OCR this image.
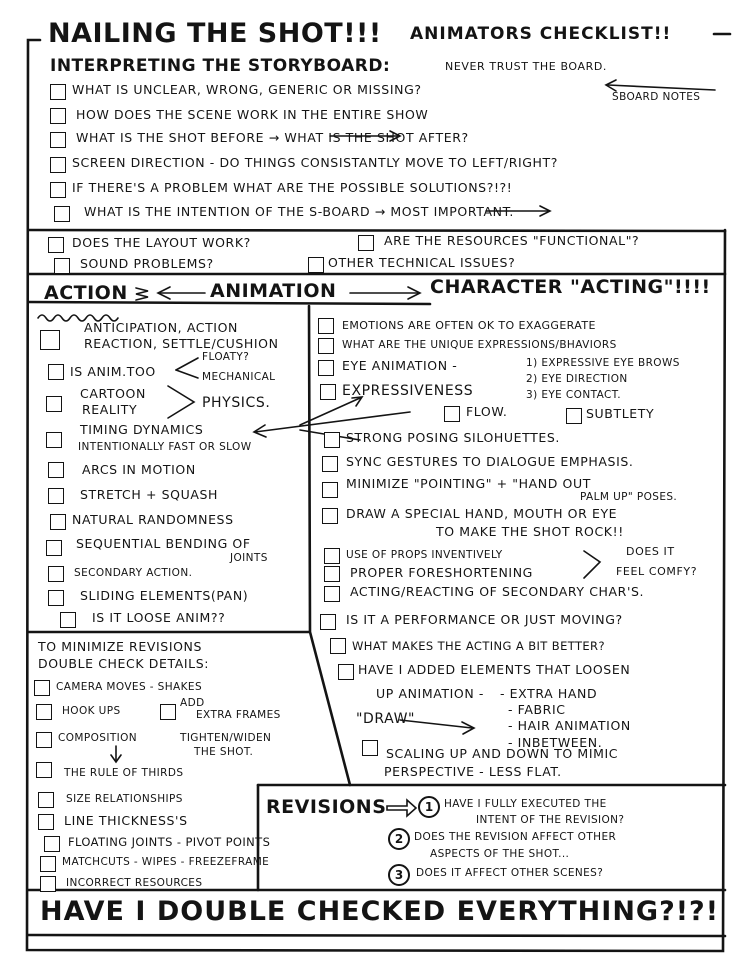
NAILING THE SHOT!!! ANIMATORS CHECKLIST!!
INTERPRETING THE STORYBOARD:	NEVER TRUST THE BOARD.
SBOARD NOTES
WHAT IS UNCLEAR, WRONG, GENERIC OR MISSING?
HOW DOES THE SCENE WORK IN THE ENTIRE SHOW
WHAT IS THE SHOT BEFORE → WHAT IS THE SHOT AFTER?
SCREEN DIRECTION - DO THINGS CONSISTANTLY MOVE TO LEFT/RIGHT?
IF THERE'S A PROBLEM WHAT ARE THE POSSIBLE SOLUTIONS?!?!
WHAT IS THE INTENTION OF THE S-BOARD → MOST IMPORTANT.
DOES THE LAYOUT WORK?	ARE THE RESOURCES "FUNCTIONAL"?
SOUND PROBLEMS?	OTHER TECHNICAL ISSUES?
ACTION	ANIMATION	CHARACTER "ACTING"!!!!
ANTICIPATION, ACTION
REACTION, SETTLE/CUSHION
IS ANIM.TOO
FLOATY?
MECHANICAL
CARTOON
REALITY	PHYSICS.
TIMING DYNAMICS
INTENTIONALLY FAST OR SLOW
ARCS IN MOTION
STRETCH + SQUASH
NATURAL RANDOMNESS
SEQUENTIAL BENDING OF
JOINTS
SECONDARY ACTION.
SLIDING ELEMENTS(PAN)
IS IT LOOSE ANIM??
EMOTIONS ARE OFTEN OK TO EXAGGERATE
WHAT ARE THE UNIQUE EXPRESSIONS/BHAVIORS
EYE ANIMATION -	1) EXPRESSIVE EYE BROWS
2) EYE DIRECTION
3) EYE CONTACT.
EXPRESSIVENESS
FLOW.	SUBTLETY
STRONG POSING SILOHUETTES.
SYNC GESTURES TO DIALOGUE EMPHASIS.
MINIMIZE "POINTING" + "HAND OUT
PALM UP" POSES.
DRAW A SPECIAL HAND, MOUTH OR EYE
TO MAKE THE SHOT ROCK!!
USE OF PROPS INVENTIVELY
PROPER FORESHORTENING
DOES IT
FEEL COMFY?
ACTING/REACTING OF SECONDARY CHAR'S.
IS IT A PERFORMANCE OR JUST MOVING?
WHAT MAKES THE ACTING A BIT BETTER?
HAVE I ADDED ELEMENTS THAT LOOSEN
UP ANIMATION - - EXTRA HAND
- FABRIC
- HAIR ANIMATION
- INBETWEEN.
"DRAW"
SCALING UP AND DOWN TO MIMIC
PERSPECTIVE - LESS FLAT.
TO MINIMIZE REVISIONS
DOUBLE CHECK DETAILS:
CAMERA MOVES - SHAKES
HOOK UPS
ADD
EXTRA FRAMES
COMPOSITION	TIGHTEN/WIDEN
THE SHOT.
THE RULE OF THIRDS
SIZE RELATIONSHIPS
LINE THICKNESS'S
FLOATING JOINTS - PIVOT POINTS
MATCHCUTS - WIPES - FREEZEFRAME
INCORRECT RESOURCES
REVISIONS	1	HAVE I FULLY EXECUTED THE
INTENT OF THE REVISION?
2	DOES THE REVISION AFFECT OTHER
ASPECTS OF THE SHOT...
3	DOES IT AFFECT OTHER SCENES?
HAVE I DOUBLE CHECKED EVERYTHING?!?!
